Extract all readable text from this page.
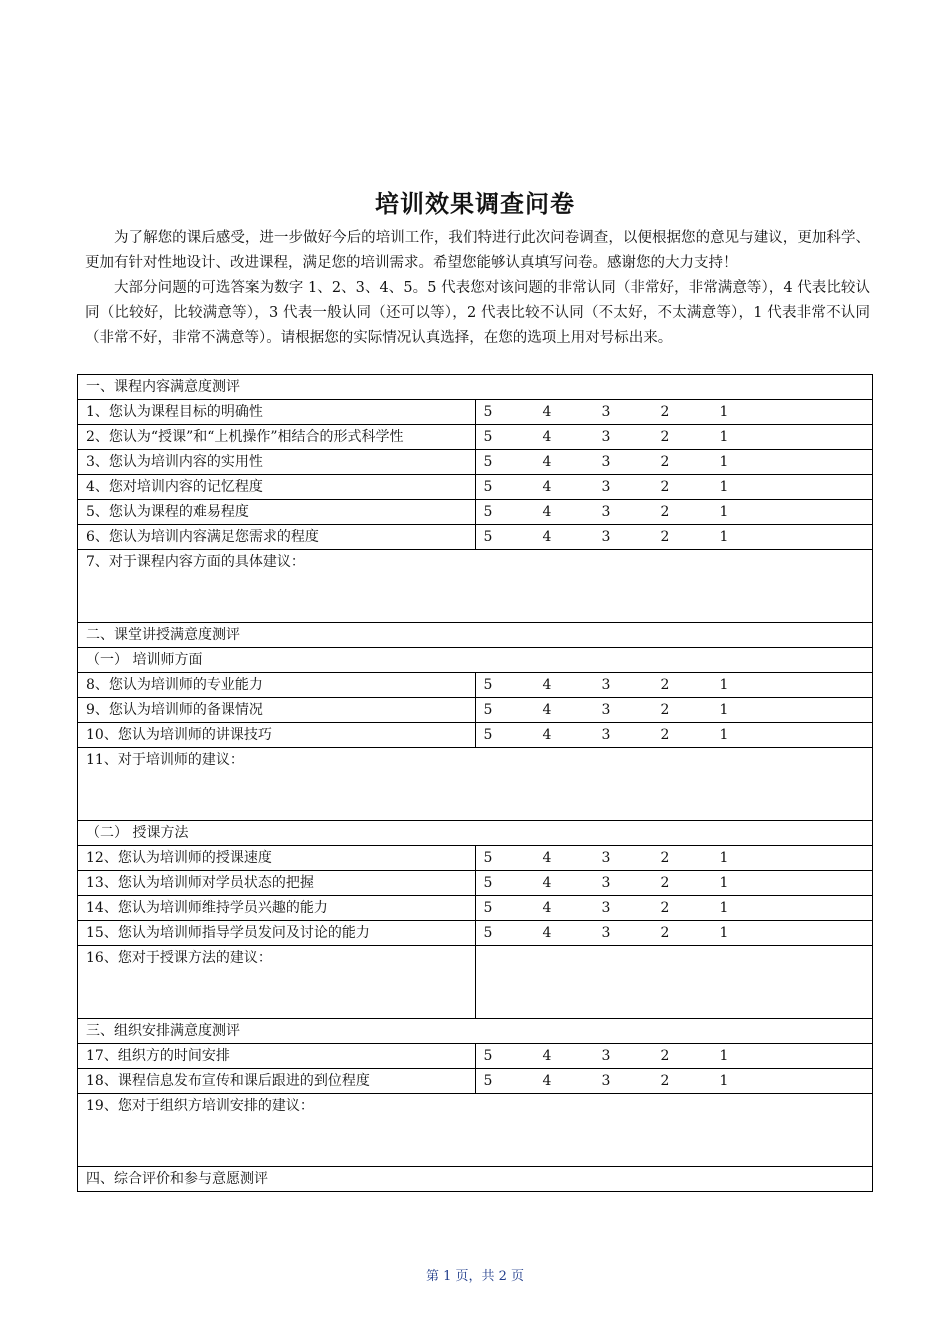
培训效果调查问卷

为了解您的课后感受，进一步做好今后的培训工作，我们特进行此次问卷调查，以便根据您的意见与建议，更加科学、更加有针对性地设计、改进课程，满足您的培训需求。希望您能够认真填写问卷。感谢您的大力支持！

大部分问题的可选答案为数字 1、2、3、4、5。5 代表您对该问题的非常认同（非常好，非常满意等），4 代表比较认同（比较好，比较满意等），3 代表一般认同（还可以等），2 代表比较不认同（不太好，不太满意等），1 代表非常不认同（非常不好，非常不满意等）。请根据您的实际情况认真选择，在您的选项上用对号标出来。

一、课程内容满意度测评	
1、您认为课程目标的明确性	5 4 3 2 1

2、您认为“授课”和“上机操作”相结合的形式科学性	5 4 3 2 1

3、您认为培训内容的实用性	5 4 3 2 1

4、您对培训内容的记忆程度	5 4 3 2 1

5、您认为课程的难易程度	5 4 3 2 1

6、您认为培训内容满足您需求的程度	5 4 3 2 1

7、对于课程内容方面的具体建议：	
二、课堂讲授满意度测评	
（一） 培训师方面	
8、您认为培训师的专业能力	5 4 3 2 1

9、您认为培训师的备课情况	5 4 3 2 1

10、您认为培训师的讲课技巧	5 4 3 2 1

11、对于培训师的建议：	
（二） 授课方法	
12、您认为培训师的授课速度	5 4 3 2 1

13、您认为培训师对学员状态的把握	5 4 3 2 1

14、您认为培训师维持学员兴趣的能力	5 4 3 2 1

15、您认为培训师指导学员发问及讨论的能力	5 4 3 2 1

16、您对于授课方法的建议：	
三、组织安排满意度测评	
17、组织方的时间安排	5 4 3 2 1

18、课程信息发布宣传和课后跟进的到位程度	5 4 3 2 1

19、您对于组织方培训安排的建议：	
四、综合评价和参与意愿测评	
第 1 页，共 2 页
